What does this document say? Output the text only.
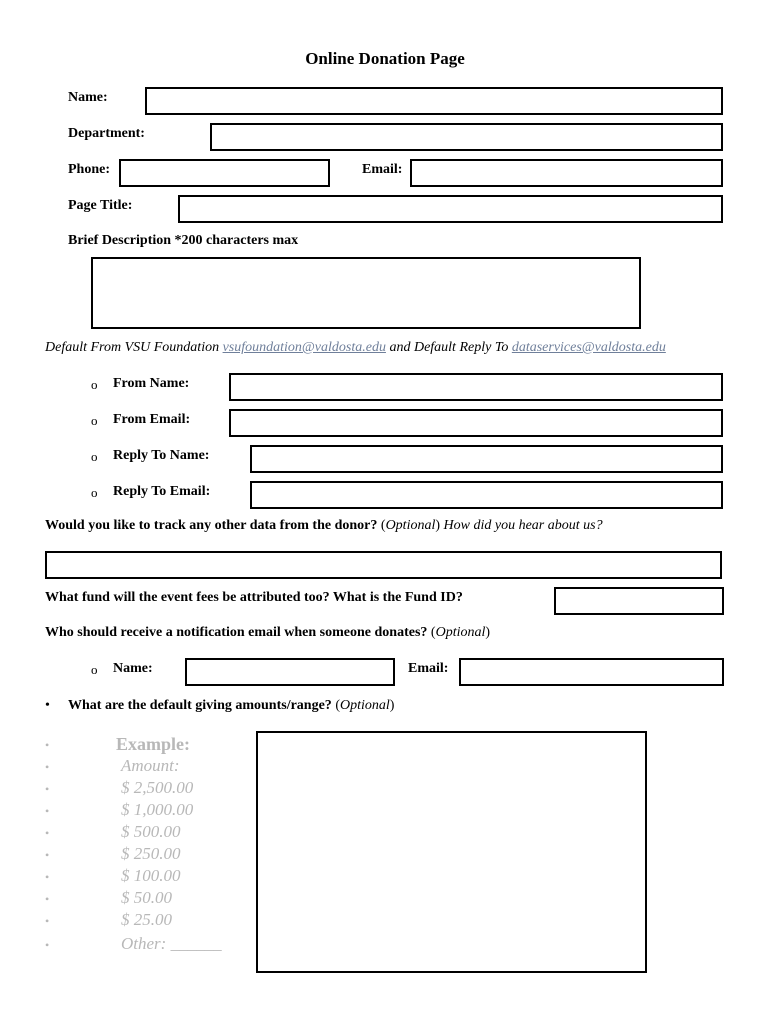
Online Donation Page
Name:
Department:
Phone:	Email:
Page Title:
Brief Description *200 characters max
Default From VSU Foundation vsufoundation@valdosta.edu and Default Reply To dataservices@valdosta.edu
o From Name:
o From Email:
o Reply To Name:
o Reply To Email:
Would you like to track any other data from the donor? (Optional) How did you hear about us?
What fund will the event fees be attributed too? What is the Fund ID?
Who should receive a notification email when someone donates? (Optional)
o Name:	Email:
• What are the default giving amounts/range? (Optional)
•	Example:
•	Amount:
•	$ 2,500.00
•	$ 1,000.00
•	$ 500.00
•	$ 250.00
•	$ 100.00
•	$ 50.00
•	$ 25.00
•	Other: ______
